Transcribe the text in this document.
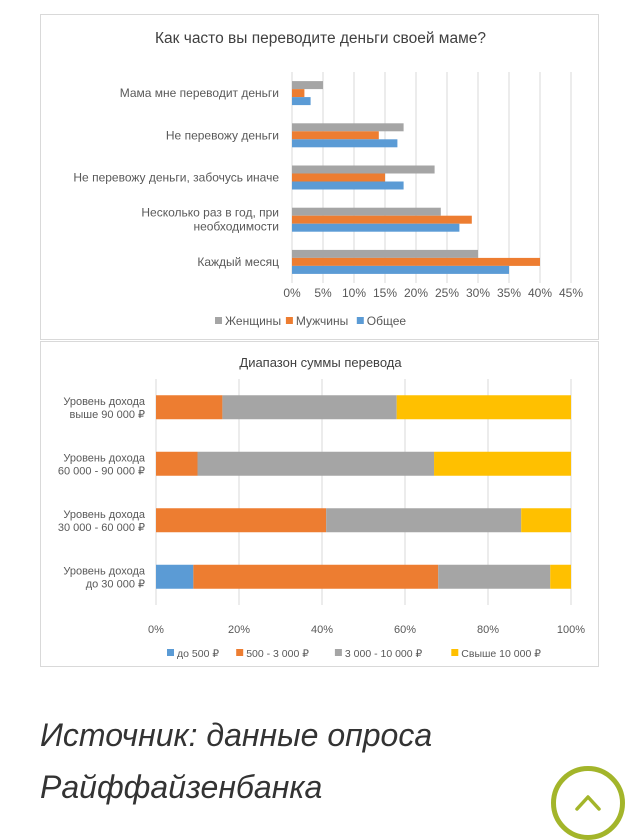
Как часто вы переводите деньги своей маме?
0% 5% 10% 15% 20% 25% 30% 35% 40% 45%
Мама мне переводит деньги
Не перевожу деньги
Не перевожу деньги, забочусь иначе
Несколько раз в год, при
необходимости
Каждый месяц
Женщины Мужчины Общее
Диапазон суммы перевода
0%	20%	40%	60%	80%	100%
Уровень дохода
выше 90 000 ₽
Уровень дохода
60 000 - 90 000 ₽
Уровень дохода
30 000 - 60 000 ₽
Уровень дохода
до 30 000 ₽
до 500 ₽	500 - 3 000 ₽	3 000 - 10 000 ₽	Свыше 10 000 ₽

Источник: данные опроса Райффайзенбанка
